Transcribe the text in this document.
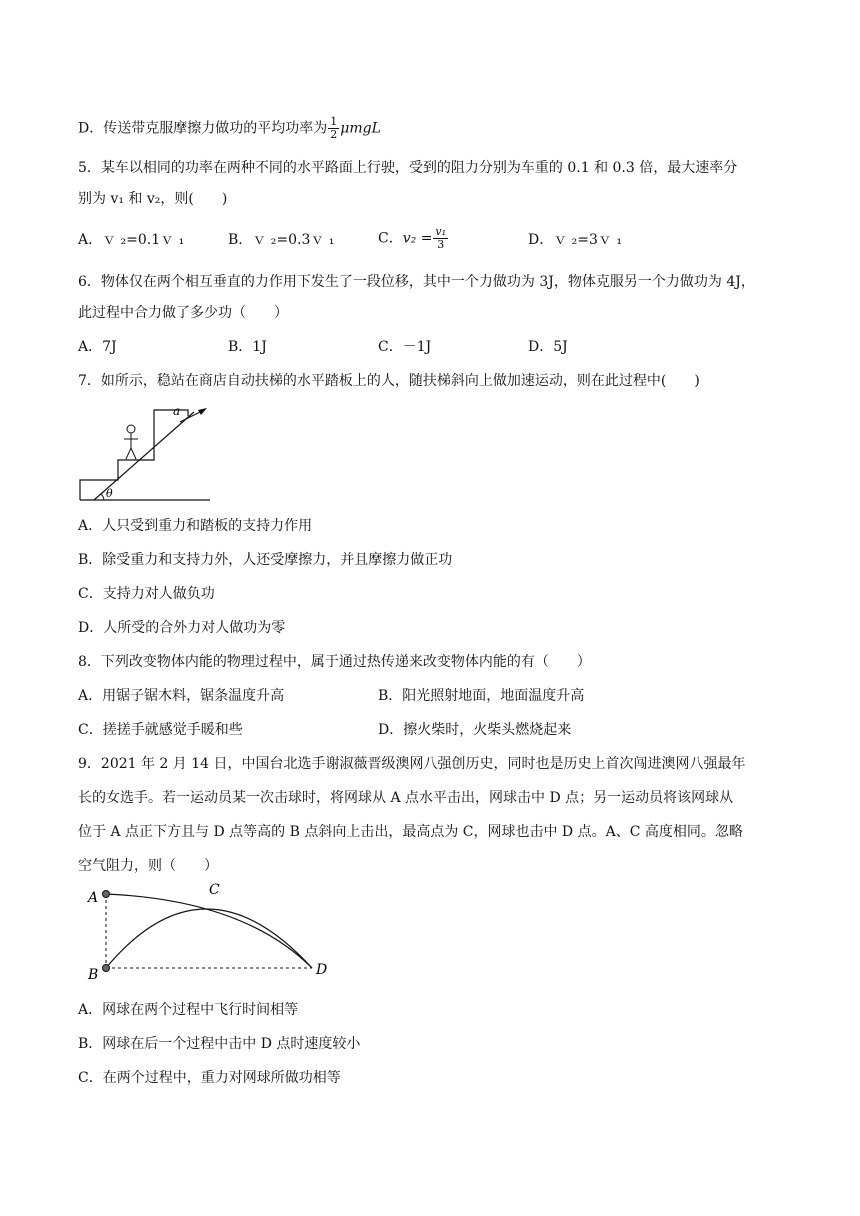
D．传送带克服摩擦力做功的平均功率为 $\frac{1}{2}$ μmgL
5．某车以相同的功率在两种不同的水平路面上行驶，受到的阻力分别为车重的 0.1 和 0.3 倍，最大速率分
别为 v₁ 和 v₂，则(　　)
A．ｖ ₂=0.1ｖ ₁	B．ｖ ₂=0.3ｖ ₁	C．$v_2 = \frac{\text{v₁}}{3}$	D．ｖ ₂=3ｖ ₁
6．物体仅在两个相互垂直的力作用下发生了一段位移，其中一个力做功为 3J，物体克服另一个力做功为 4J，
此过程中合力做了多少功（　　）
A．7J	B．1J	C．－1J	D．5J
7．如所示，稳站在商店自动扶梯的水平踏板上的人，随扶梯斜向上做加速运动，则在此过程中(　　)
a
θ
A．人只受到重力和踏板的支持力作用
B．除受重力和支持力外，人还受摩擦力，并且摩擦力做正功
C．支持力对人做负功
D．人所受的合外力对人做功为零
8．下列改变物体内能的物理过程中，属于通过热传递来改变物体内能的有（　　）
A．用锯子锯木料，锯条温度升高	B．阳光照射地面，地面温度升高
C．搓搓手就感觉手暖和些	D．擦火柴时，火柴头燃烧起来
9．2021 年 2 月 14 日，中国台北选手谢淑薇晋级澳网八强创历史，同时也是历史上首次闯进澳网八强最年
长的女选手。若一运动员某一次击球时，将网球从 A 点水平击出，网球击中 D 点；另一运动员将该网球从
位于 A 点正下方且与 D 点等高的 B 点斜向上击出，最高点为 C，网球也击中 D 点。A、C 高度相同。忽略
空气阻力，则（　　）
A
B
C
D
A．网球在两个过程中飞行时间相等
B．网球在后一个过程中击中 D 点时速度较小
C．在两个过程中，重力对网球所做功相等
